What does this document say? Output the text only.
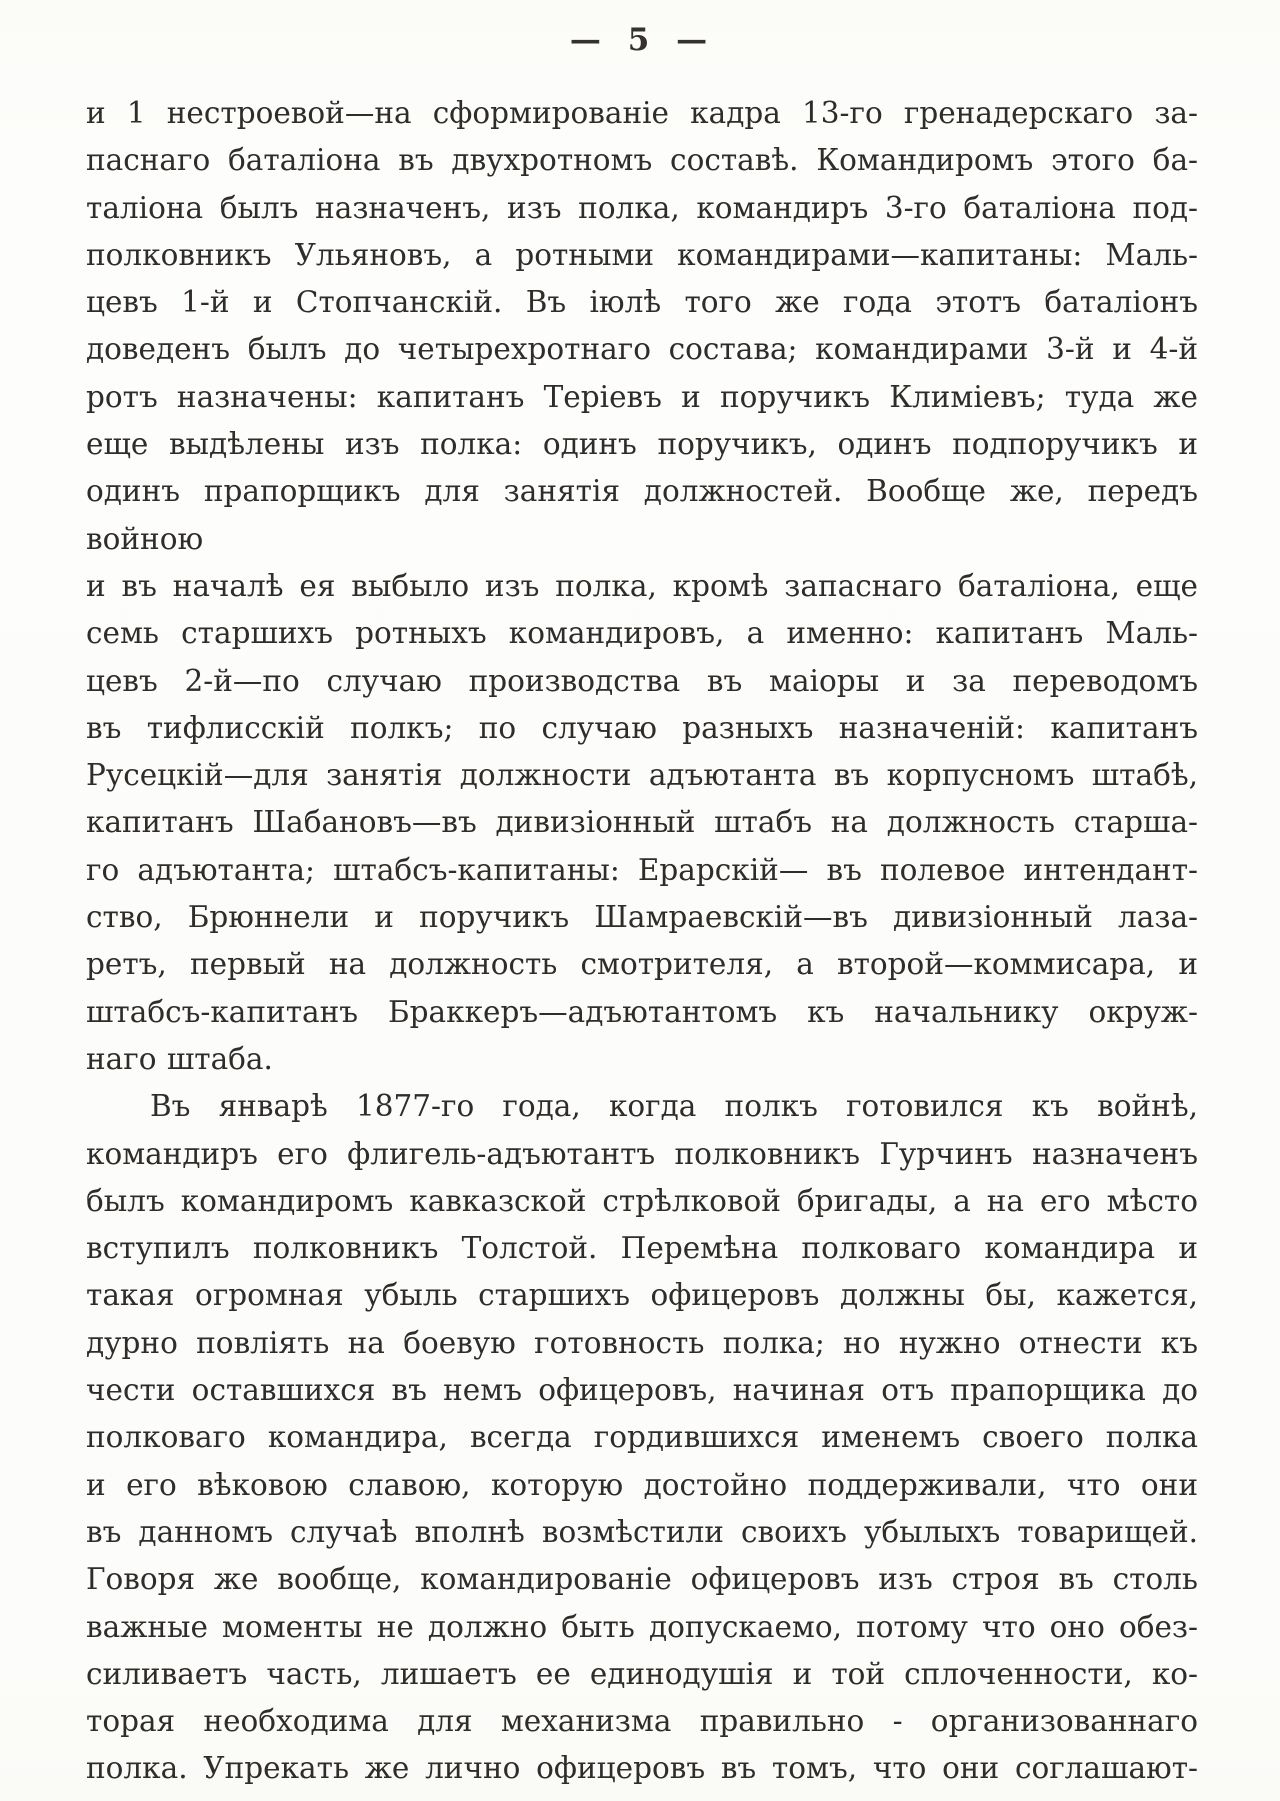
— 5 —
и 1 нестроевой—на сформированіе кадра 13-го гренадерскаго за-
паснаго баталіона въ двухротномъ составѣ. Командиромъ этого ба-
таліона былъ назначенъ, изъ полка, командиръ 3-го баталіона под-
полковникъ Ульяновъ, а ротными командирами—капитаны: Маль-
цевъ 1-й и Стопчанскій. Въ іюлѣ того же года этотъ баталіонъ
доведенъ былъ до четырехротнаго состава; командирами 3-й и 4-й
ротъ назначены: капитанъ Теріевъ и поручикъ Климіевъ; туда же
еще выдѣлены изъ полка: одинъ поручикъ, одинъ подпоручикъ и
одинъ прапорщикъ для занятія должностей. Вообще же, передъ войною
и въ началѣ ея выбыло изъ полка, кромѣ запаснаго баталіона, еще
семь старшихъ ротныхъ командировъ, а именно: капитанъ Маль-
цевъ 2-й—по случаю производства въ маіоры и за переводомъ
въ тифлисскій полкъ; по случаю разныхъ назначеній: капитанъ
Русецкій—для занятія должности адъютанта въ корпусномъ штабѣ,
капитанъ Шабановъ—въ дивизіонный штабъ на должность старша-
го адъютанта; штабсъ-капитаны: Ерарскій— въ полевое интендант-
ство, Брюннели и поручикъ Шамраевскій—въ дивизіонный лаза-
ретъ, первый на должность смотрителя, а второй—коммисара, и
штабсъ-капитанъ Браккеръ—адъютантомъ къ начальнику окруж-
наго штаба.
Въ январѣ 1877-го года, когда полкъ готовился къ войнѣ,
командиръ его флигель-адъютантъ полковникъ Гурчинъ назначенъ
былъ командиромъ кавказской стрѣлковой бригады, а на его мѣсто
вступилъ полковникъ Толстой. Перемѣна полковаго командира и
такая огромная убыль старшихъ офицеровъ должны бы, кажется,
дурно повліять на боевую готовность полка; но нужно отнести къ
чести оставшихся въ немъ офицеровъ, начиная отъ прапорщика до
полковаго командира, всегда гордившихся именемъ своего полка
и его вѣковою славою, которую достойно поддерживали, что они
въ данномъ случаѣ вполнѣ возмѣстили своихъ убылыхъ товарищей.
Говоря же вообще, командированіе офицеровъ изъ строя въ столь
важные моменты не должно быть допускаемо, потому что оно обез-
силиваетъ часть, лишаетъ ее единодушія и той сплоченности, ко-
торая необходима для механизма правильно - организованнаго
полка. Упрекать же лично офицеровъ въ томъ, что они соглашают-
